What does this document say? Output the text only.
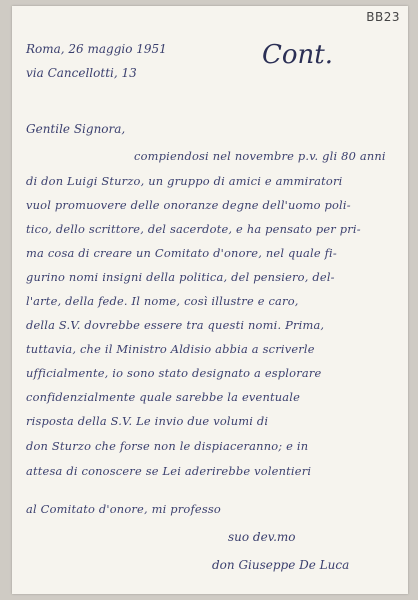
BB23
Cont.
Roma, 26 maggio 1951
via Cancellotti, 13
Gentile Signora,
compiendosi nel novembre p.v. gli 80 anni
di don Luigi Sturzo, un gruppo di amici e ammiratori
vuol promuovere delle onoranze degne dell'uomo poli-
tico, dello scrittore, del sacerdote, e ha pensato per pri-
ma cosa di creare un Comitato d'onore, nel quale fi-
gurino nomi insigni della politica, del pensiero, del-
l'arte, della fede. Il nome, così illustre e caro,
della S.V. dovrebbe essere tra questi nomi. Prima,
tuttavia, che il Ministro Aldisio abbia a scriverle
ufficialmente, io sono stato designato a esplorare
confidenzialmente quale sarebbe la eventuale
risposta della S.V. Le invio due volumi di
don Sturzo che forse non le dispiaceranno; e in
attesa di conoscere se Lei aderirebbe volentieri
al Comitato d'onore, mi professo
suo dev.mo
don Giuseppe De Luca
